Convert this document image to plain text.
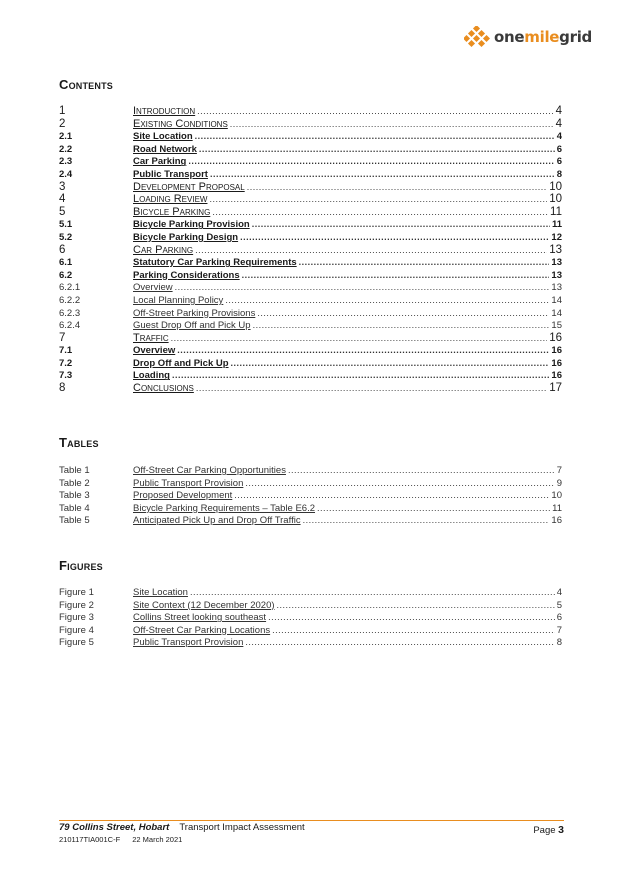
onemilegrid
Contents
1	Introduction .....	4
2	Existing Conditions .....	4
2.1	Site Location .....	4
2.2	Road Network .....	6
2.3	Car Parking .....	6
2.4	Public Transport .....	8
3	Development Proposal .....	10
4	Loading Review .....	10
5	Bicycle Parking .....	11
5.1	Bicycle Parking Provision .....	11
5.2	Bicycle Parking Design .....	12
6	Car Parking .....	13
6.1	Statutory Car Parking Requirements .....	13
6.2	Parking Considerations .....	13
6.2.1	Overview .....	13
6.2.2	Local Planning Policy .....	14
6.2.3	Off-Street Parking Provisions .....	14
6.2.4	Guest Drop Off and Pick Up .....	15
7	Traffic .....	16
7.1	Overview .....	16
7.2	Drop Off and Pick Up .....	16
7.3	Loading .....	16
8	Conclusions .....	17
Tables
Table 1	Off-Street Car Parking Opportunities .....	7
Table 2	Public Transport Provision .....	9
Table 3	Proposed Development .....	10
Table 4	Bicycle Parking Requirements – Table E6.2 .....	11
Table 5	Anticipated Pick Up and Drop Off Traffic .....	16
Figures
Figure 1	Site Location .....	4
Figure 2	Site Context (12 December 2020) .....	5
Figure 3	Collins Street looking southeast .....	6
Figure 4	Off-Street Car Parking Locations .....	7
Figure 5	Public Transport Provision .....	8
79 Collins Street, Hobart Transport Impact Assessment
210117TIA001C-F 22 March 2021
Page 3
